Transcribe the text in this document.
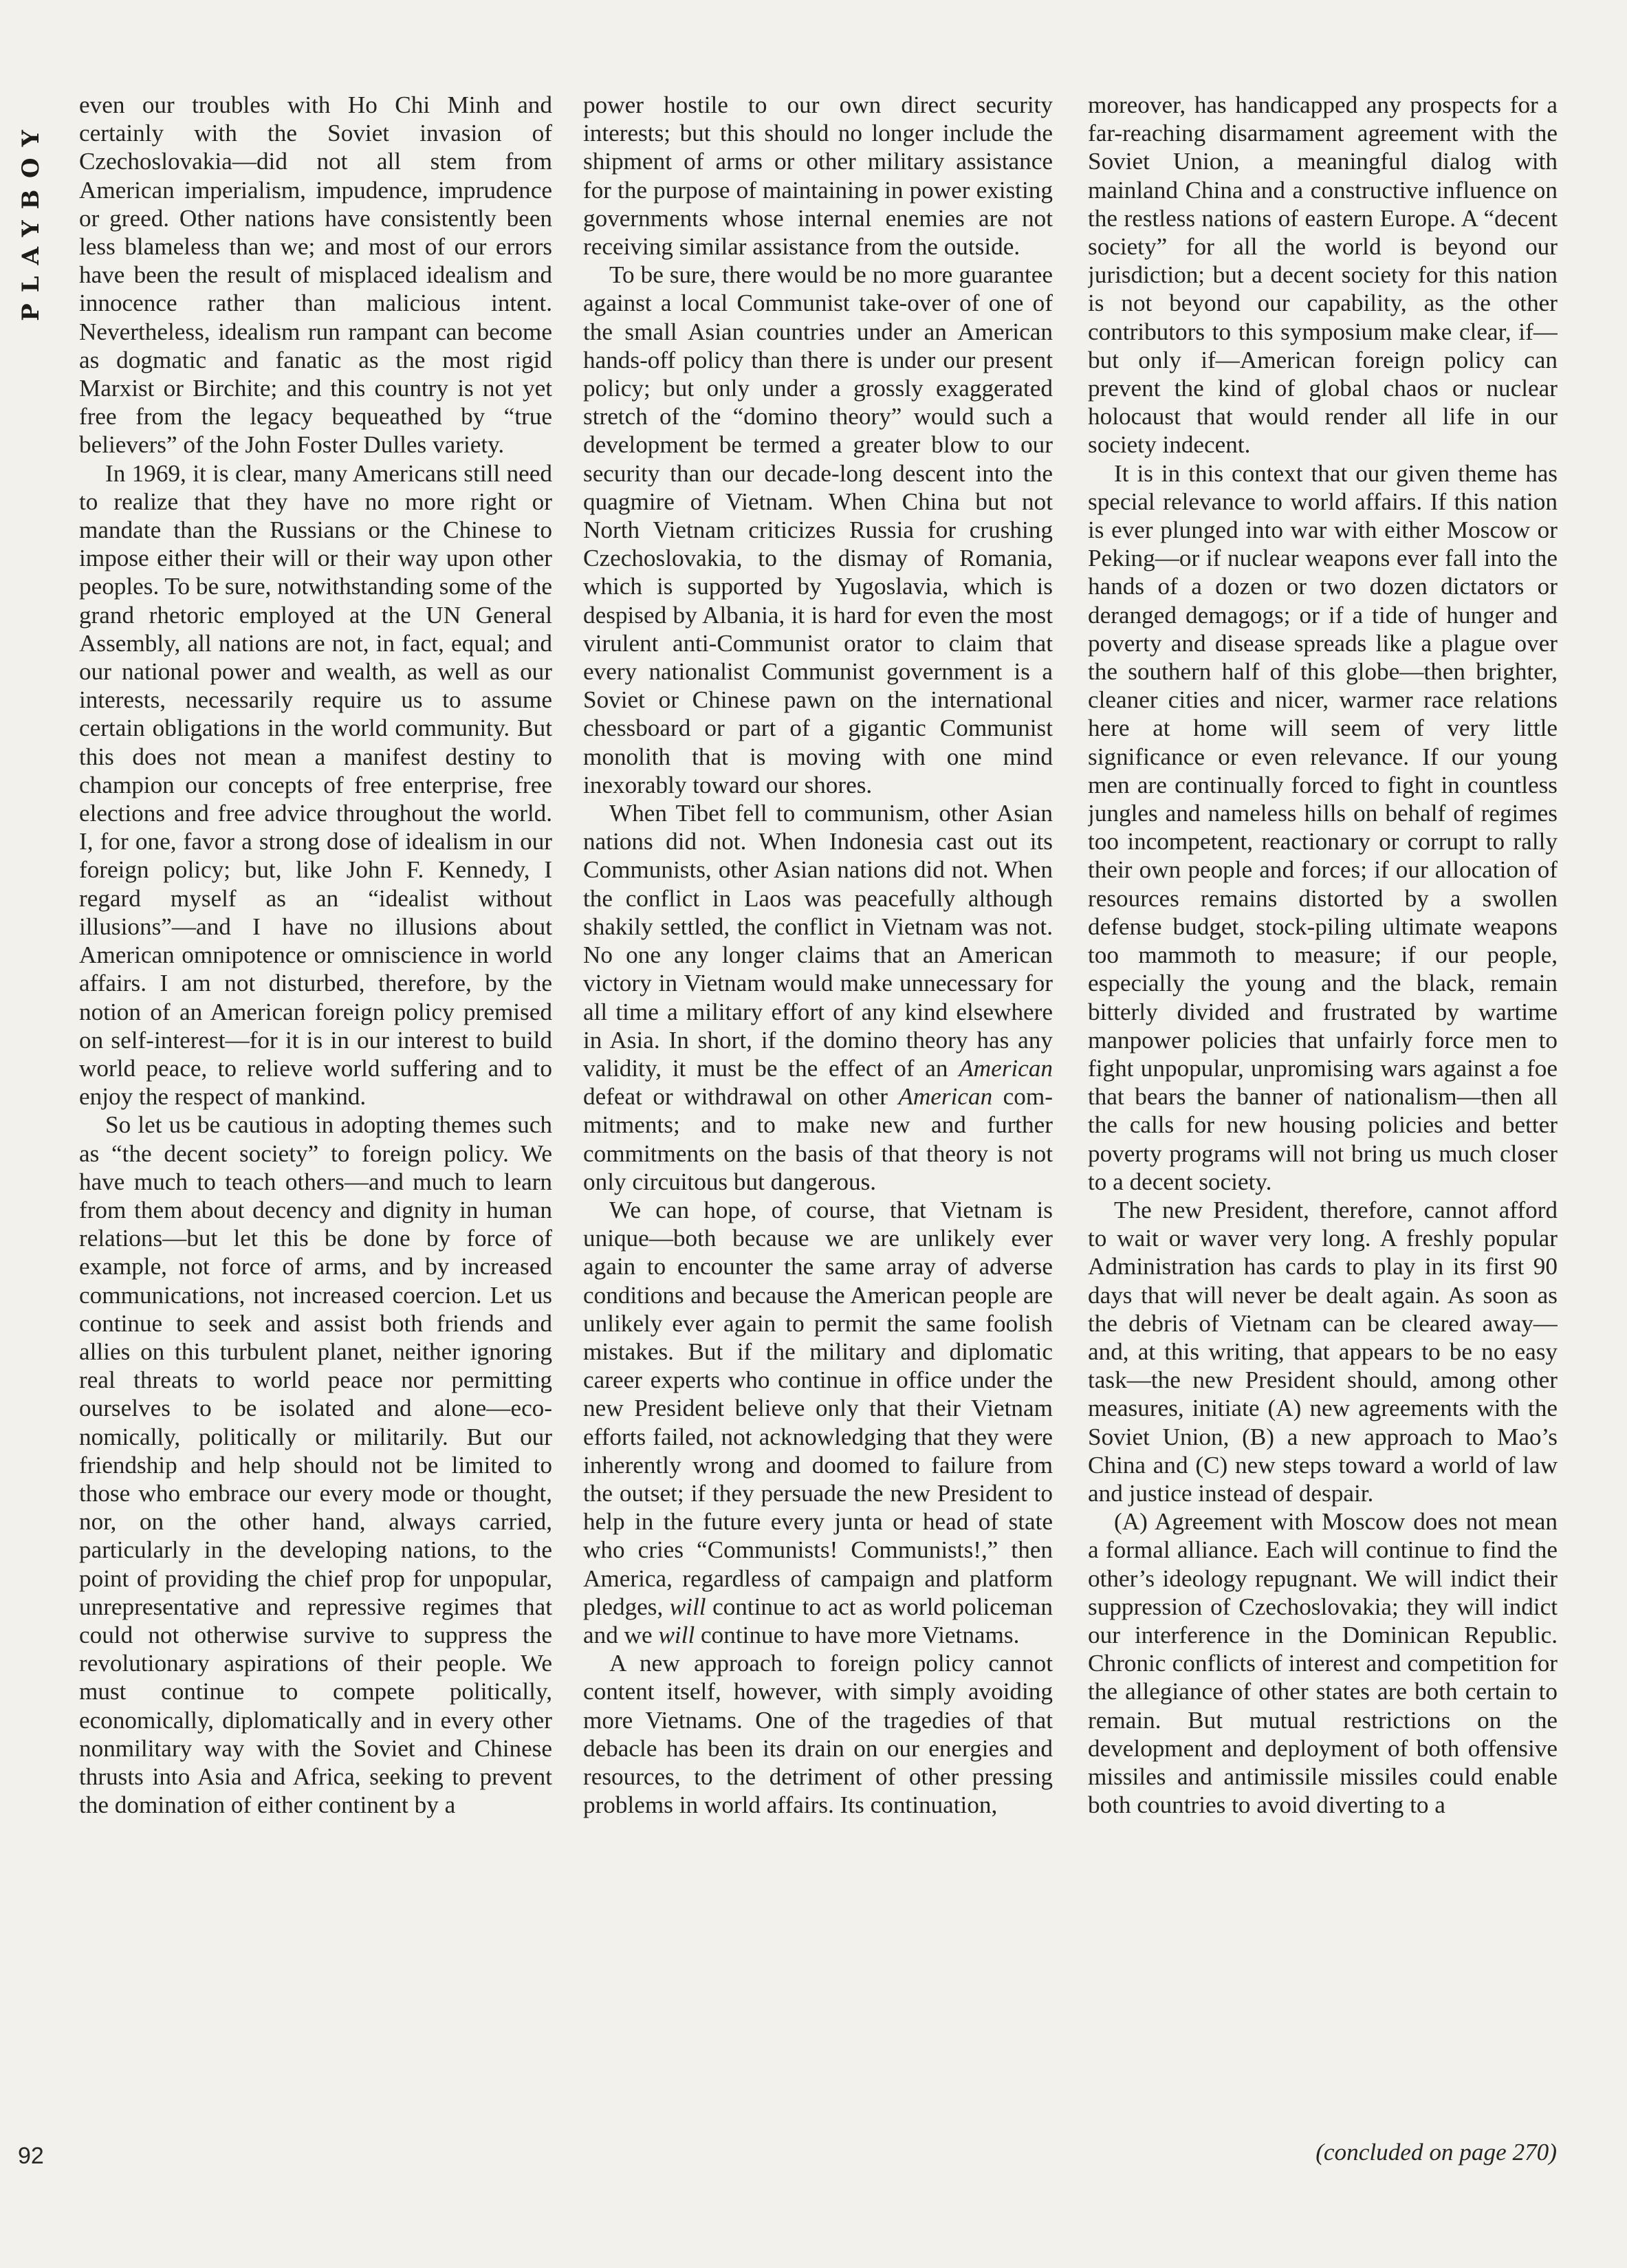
PLAYBOY

even our troubles with Ho Chi Minh and certainly with the Soviet invasion of Czechoslovakia—did not all stem from American imperialism, impudence, imprudence or greed. Other nations have consistently been less blameless than we; and most of our errors have been the result of misplaced idealism and innocence rather than malicious intent. Nevertheless, idealism run rampant can become as dogmatic and fanatic as the most rigid Marxist or Birchite; and this country is not yet free from the legacy bequeathed by “true believers” of the John Foster Dulles variety.

In 1969, it is clear, many Americans still need to realize that they have no more right or mandate than the Russians or the Chinese to impose either their will or their way upon other peoples. To be sure, notwithstanding some of the grand rhetoric employed at the UN General Assembly, all nations are not, in fact, equal; and our national power and wealth, as well as our interests, necessarily require us to assume certain obligations in the world community. But this does not mean a manifest destiny to champion our concepts of free enterprise, free elections and free advice throughout the world. I, for one, favor a strong dose of idealism in our foreign policy; but, like John F. Kennedy, I regard myself as an “idealist without illusions”—and I have no illusions about American omnipotence or omniscience in world affairs. I am not disturbed, therefore, by the notion of an American foreign policy premised on self-interest—for it is in our interest to build world peace, to relieve world suffering and to enjoy the respect of mankind.

So let us be cautious in adopting themes such as “the decent society” to foreign policy. We have much to teach others—and much to learn from them about decency and dignity in human relations—but let this be done by force of example, not force of arms, and by increased communications, not increased coercion. Let us continue to seek and assist both friends and allies on this turbulent planet, neither ignoring real threats to world peace nor permitting ourselves to be isolated and alone—economically, politically or militarily. But our friendship and help should not be limited to those who embrace our every mode or thought, nor, on the other hand, always carried, particularly in the developing nations, to the point of providing the chief prop for unpopular, unrepresentative and repressive regimes that could not otherwise survive to suppress the revolutionary aspirations of their people. We must continue to compete politically, economically, diplomatically and in every other nonmilitary way with the Soviet and Chinese thrusts into Asia and Africa, seeking to prevent the domination of either continent by a

power hostile to our own direct security interests; but this should no longer include the shipment of arms or other military assistance for the purpose of maintaining in power existing governments whose internal enemies are not receiving similar assistance from the outside.

To be sure, there would be no more guarantee against a local Communist take-over of one of the small Asian countries under an American hands-off policy than there is under our present policy; but only under a grossly exaggerated stretch of the “domino theory” would such a development be termed a greater blow to our security than our decade-long descent into the quagmire of Vietnam. When China but not North Vietnam criticizes Russia for crushing Czechoslovakia, to the dismay of Romania, which is supported by Yugoslavia, which is despised by Albania, it is hard for even the most virulent anti-Communist orator to claim that every nationalist Communist government is a Soviet or Chinese pawn on the international chessboard or part of a gigantic Communist monolith that is moving with one mind inexorably toward our shores.

When Tibet fell to communism, other Asian nations did not. When Indonesia cast out its Communists, other Asian nations did not. When the conflict in Laos was peacefully although shakily settled, the conflict in Vietnam was not. No one any longer claims that an American victory in Vietnam would make unnecessary for all time a military effort of any kind elsewhere in Asia. In short, if the domino theory has any validity, it must be the effect of an American defeat or withdrawal on other American commitments; and to make new and further commitments on the basis of that theory is not only circuitous but dangerous.

We can hope, of course, that Vietnam is unique—both because we are unlikely ever again to encounter the same array of adverse conditions and because the American people are unlikely ever again to permit the same foolish mistakes. But if the military and diplomatic career experts who continue in office under the new President believe only that their Vietnam efforts failed, not acknowledging that they were inherently wrong and doomed to failure from the outset; if they persuade the new President to help in the future every junta or head of state who cries “Communists! Communists!,” then America, regardless of campaign and platform pledges, will continue to act as world policeman and we will continue to have more Vietnams.

A new approach to foreign policy cannot content itself, however, with simply avoiding more Vietnams. One of the tragedies of that debacle has been its drain on our energies and resources, to the detriment of other pressing problems in world affairs. Its continuation,

moreover, has handicapped any prospects for a far-reaching disarmament agreement with the Soviet Union, a meaningful dialog with mainland China and a constructive influence on the restless nations of eastern Europe. A “decent society” for all the world is beyond our jurisdiction; but a decent society for this nation is not beyond our capability, as the other contributors to this symposium make clear, if—but only if—American foreign policy can prevent the kind of global chaos or nuclear holocaust that would render all life in our society indecent.

It is in this context that our given theme has special relevance to world affairs. If this nation is ever plunged into war with either Moscow or Peking—or if nuclear weapons ever fall into the hands of a dozen or two dozen dictators or deranged demagogs; or if a tide of hunger and poverty and disease spreads like a plague over the southern half of this globe—then brighter, cleaner cities and nicer, warmer race relations here at home will seem of very little significance or even relevance. If our young men are continually forced to fight in countless jungles and nameless hills on behalf of regimes too incompetent, reactionary or corrupt to rally their own people and forces; if our allocation of resources remains distorted by a swollen defense budget, stock-piling ultimate weapons too mammoth to measure; if our people, especially the young and the black, remain bitterly divided and frustrated by wartime manpower policies that unfairly force men to fight unpopular, unpromising wars against a foe that bears the banner of nationalism—then all the calls for new housing policies and better poverty programs will not bring us much closer to a decent society.

The new President, therefore, cannot afford to wait or waver very long. A freshly popular Administration has cards to play in its first 90 days that will never be dealt again. As soon as the debris of Vietnam can be cleared away—and, at this writing, that appears to be no easy task—the new President should, among other measures, initiate (A) new agreements with the Soviet Union, (B) a new approach to Mao’s China and (C) new steps toward a world of law and justice instead of despair.

(A) Agreement with Moscow does not mean a formal alliance. Each will continue to find the other’s ideology repugnant. We will indict their suppression of Czechoslovakia; they will indict our interference in the Dominican Republic. Chronic conflicts of interest and competition for the allegiance of other states are both certain to remain. But mutual restrictions on the development and deployment of both offensive missiles and antimissile missiles could enable both countries to avoid diverting to a

92	(concluded on page 270)
